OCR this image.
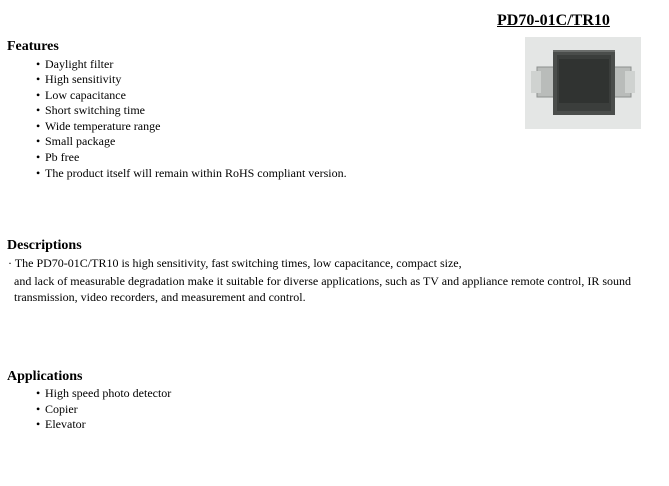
PD70-01C/TR10
Features
• Daylight filter
• High sensitivity
• Low capacitance
• Short switching time
• Wide temperature range
• Small package
• Pb free
• The product itself will remain within RoHS compliant version.
Descriptions
· The PD70-01C/TR10 is high sensitivity, fast switching times, low capacitance, compact size,

and lack of measurable degradation make it suitable for diverse applications, such as TV and appliance remote control, IR sound transmission, video recorders, and measurement and control.

Applications
• High speed photo detector
• Copier
• Elevator
